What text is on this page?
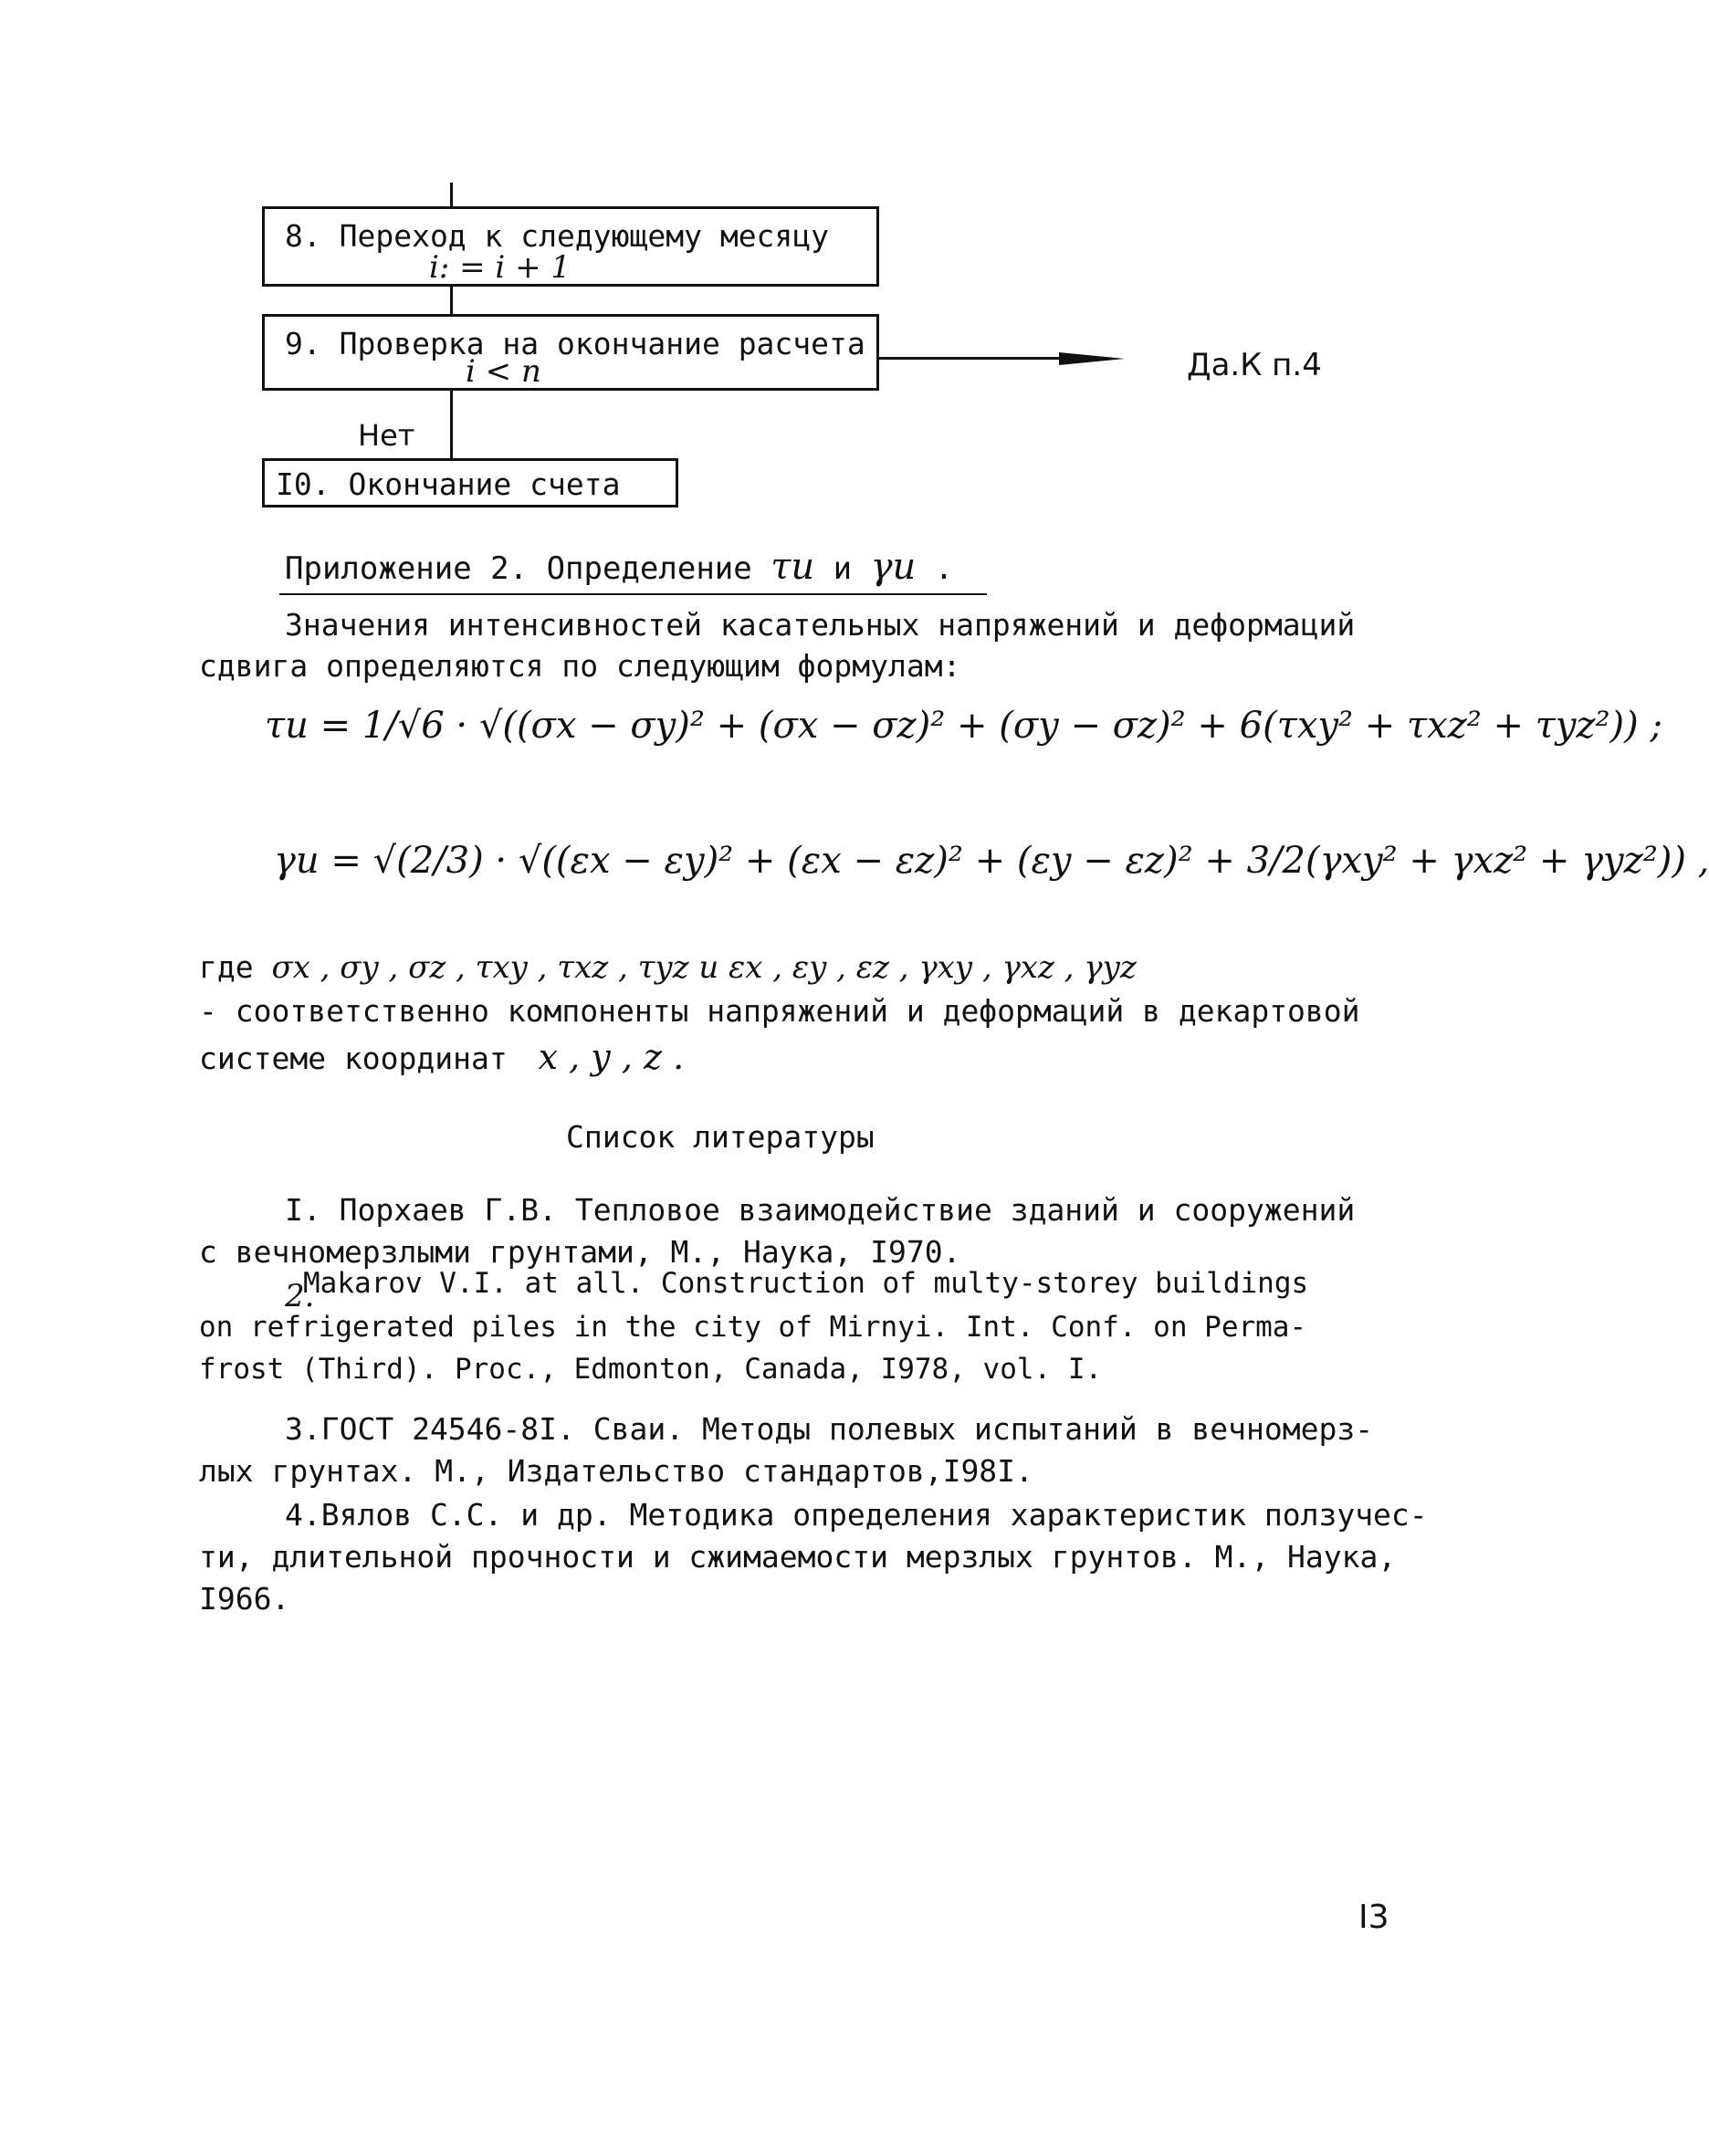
8. Переход к следующему месяцу
i: = i + 1
9. Проверка на окончание расчета
i < n	Да.К п.4
Нет
I0. Окончание счета
Приложение 2. Определение τи и γи .
Значения интенсивностей касательных напряжений и деформаций
сдвига определяются по следующим формулам:
τи = 1/√6 · √((σx − σy)² + (σx − σz)² + (σy − σz)² + 6(τxy² + τxz² + τyz²)) ;
γи = √(2/3) · √((εx − εy)² + (εx − εz)² + (εy − εz)² + 3/2(γxy² + γxz² + γyz²)) ,
где σx , σy , σz , τxy , τxz , τyz и εx , εy , εz , γxy , γxz , γyz
- соответственно компоненты напряжений и деформаций в декартовой
системе координат x , y , z .
Список литературы
I. Порхаев Г.В. Тепловое взаимодействие зданий и сооружений
с вечномерзлыми грунтами, М., Наука, I970.
2.
Makarov V.I. at all. Construction of multy-storey buildings
on refrigerated piles in the city of Mirnyi. Int. Conf. on Perma-
frost (Third). Proc., Edmonton, Canada, I978, vol. I.
3.ГОСТ 24546-8I. Сваи. Методы полевых испытаний в вечномерз-
лых грунтах. М., Издательство стандартов,I98I.
4.Вялов С.С. и др. Методика определения характеристик ползучес-
ти, длительной прочности и сжимаемости мерзлых грунтов. М., Наука,
I966.
I3
